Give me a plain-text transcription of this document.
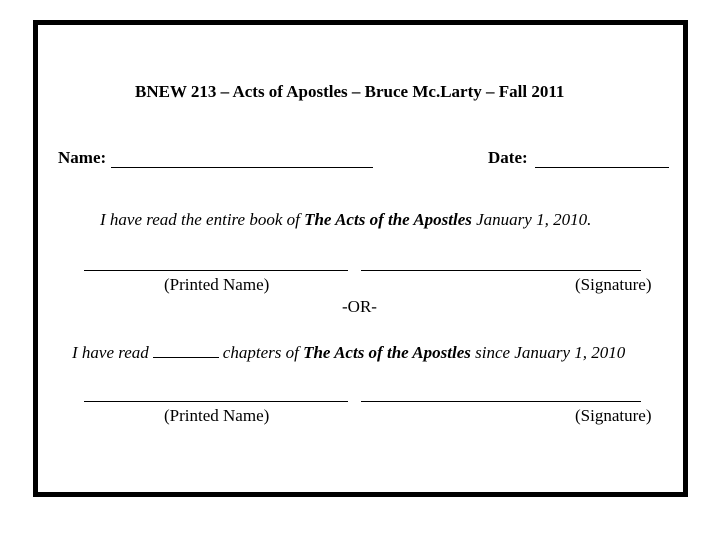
BNEW 213 – Acts of Apostles – Bruce Mc.Larty – Fall 2011
Name:	Date:
I have read the entire book of The Acts of the Apostles January 1, 2010.
(Printed Name)	(Signature)
-OR-
I have read	chapters of The Acts of the Apostles since January 1, 2010
(Printed Name)	(Signature)
